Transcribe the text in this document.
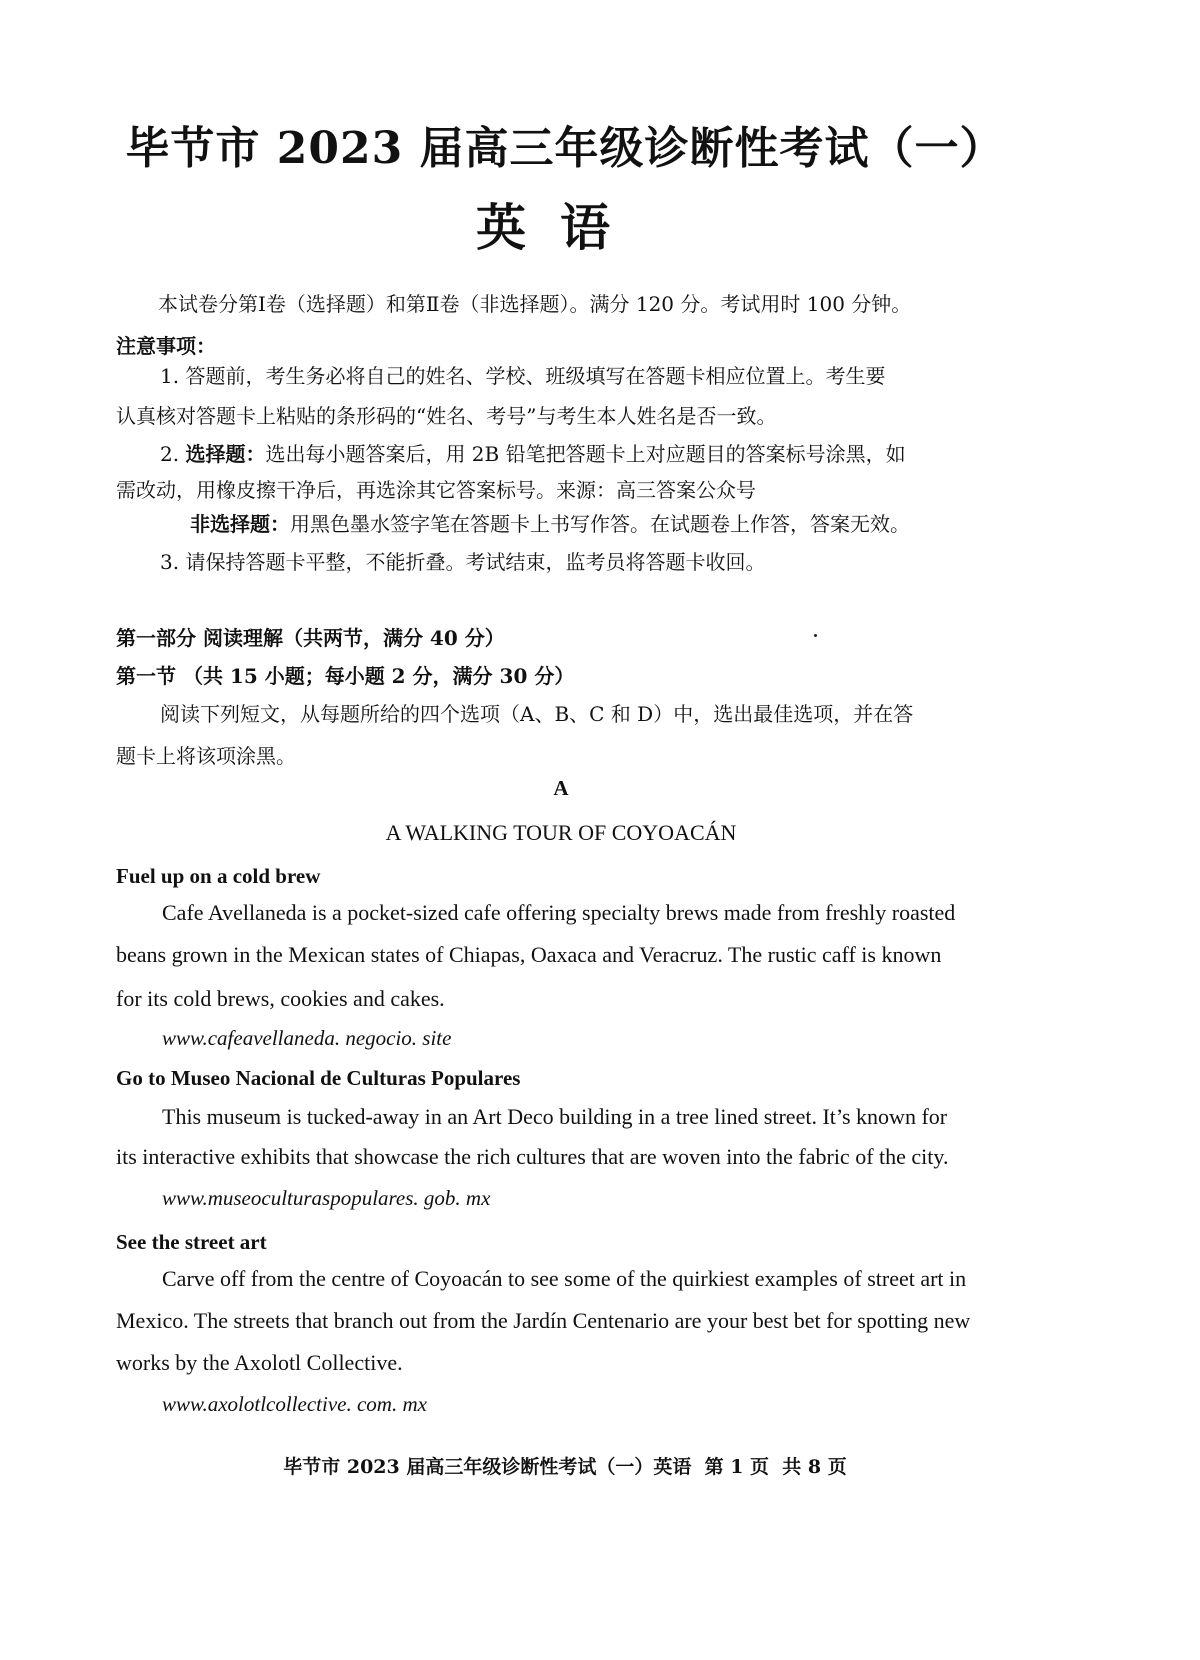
毕节市 2023 届高三年级诊断性考试（一）
英语
本试卷分第Ⅰ卷（选择题）和第Ⅱ卷（非选择题）。满分 120 分。考试用时 100 分钟。
注意事项：
1. 答题前，考生务必将自己的姓名、学校、班级填写在答题卡相应位置上。考生要
认真核对答题卡上粘贴的条形码的“姓名、考号”与考生本人姓名是否一致。
2. 选择题：选出每小题答案后，用 2B 铅笔把答题卡上对应题目的答案标号涂黑，如
需改动，用橡皮擦干净后，再选涂其它答案标号。来源：高三答案公众号
非选择题：用黑色墨水签字笔在答题卡上书写作答。在试题卷上作答，答案无效。
3. 请保持答题卡平整，不能折叠。考试结束，监考员将答题卡收回。
第一部分 阅读理解（共两节，满分 40 分）
第一节 （共 15 小题；每小题 2 分，满分 30 分）
阅读下列短文，从每题所给的四个选项（A、B、C 和 D）中，选出最佳选项，并在答
题卡上将该项涂黑。
A
A WALKING TOUR OF COYOACÁN
Fuel up on a cold brew
Cafe Avellaneda is a pocket-sized cafe offering specialty brews made from freshly roasted
beans grown in the Mexican states of Chiapas, Oaxaca and Veracruz. The rustic caff is known
for its cold brews, cookies and cakes.
www.cafeavellaneda. negocio. site
Go to Museo Nacional de Culturas Populares
This museum is tucked-away in an Art Deco building in a tree lined street. It’s known for
its interactive exhibits that showcase the rich cultures that are woven into the fabric of the city.
www.museoculturaspopulares. gob. mx
See the street art
Carve off from the centre of Coyoacán to see some of the quirkiest examples of street art in
Mexico. The streets that branch out from the Jardín Centenario are your best bet for spotting new
works by the Axolotl Collective.
www.axolotlcollective. com. mx
毕节市 2023 届高三年级诊断性考试（一）英语  第 1 页  共 8 页
